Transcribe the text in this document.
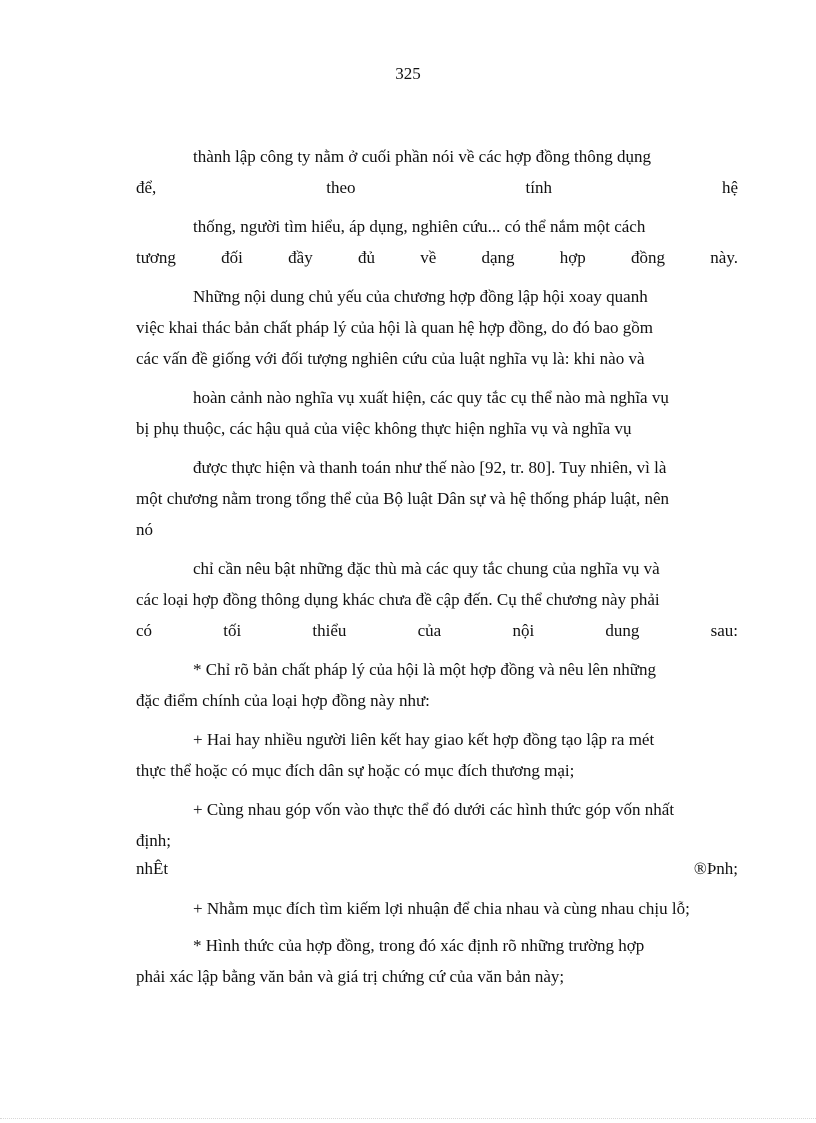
325
thành lập công ty nằm ở cuối phần nói về các hợp đồng thông dụng
để, theo tính hệ
thống, người tìm hiểu, áp dụng, nghiên cứu... có thể nắm một cách
tương đối đầy đủ về dạng hợp đồng này.
Những nội dung chủ yếu của chương hợp đồng lập hội xoay quanh
việc khai thác bản chất pháp lý của hội là quan hệ hợp đồng, do đó bao gồm
các vấn đề giống với đối tượng nghiên cứu của luật nghĩa vụ là: khi nào và
hoàn cảnh nào nghĩa vụ xuất hiện, các quy tắc cụ thể nào mà nghĩa vụ
bị phụ thuộc, các hậu quả của việc không thực hiện nghĩa vụ và nghĩa vụ
được thực hiện và thanh toán như thế nào [92, tr. 80]. Tuy nhiên, vì là
một chương nằm trong tổng thể của Bộ luật Dân sự và hệ thống pháp luật, nên
nó
chỉ cần nêu bật những đặc thù mà các quy tắc chung của nghĩa vụ và
các loại hợp đồng thông dụng khác chưa đề cập đến. Cụ thể chương này phải
có tối thiểu của nội dung sau:
* Chỉ rõ bản chất pháp lý của hội là một hợp đồng và nêu lên những
đặc điểm chính của loại hợp đồng này như:
+ Hai hay nhiều người liên kết hay giao kết hợp đồng tạo lập ra mét
thực thể hoặc có mục đích dân sự hoặc có mục đích thương mại;
+ Cùng nhau góp vốn vào thực thể đó dưới các hình thức góp vốn nhất
định;
nhÊt	®Þnh;
+ Nhằm mục đích tìm kiếm lợi nhuận để chia nhau và cùng nhau chịu lỗ;
* Hình thức của hợp đồng, trong đó xác định rõ những trường hợp
phải xác lập bằng văn bản và giá trị chứng cứ của văn bản này;
